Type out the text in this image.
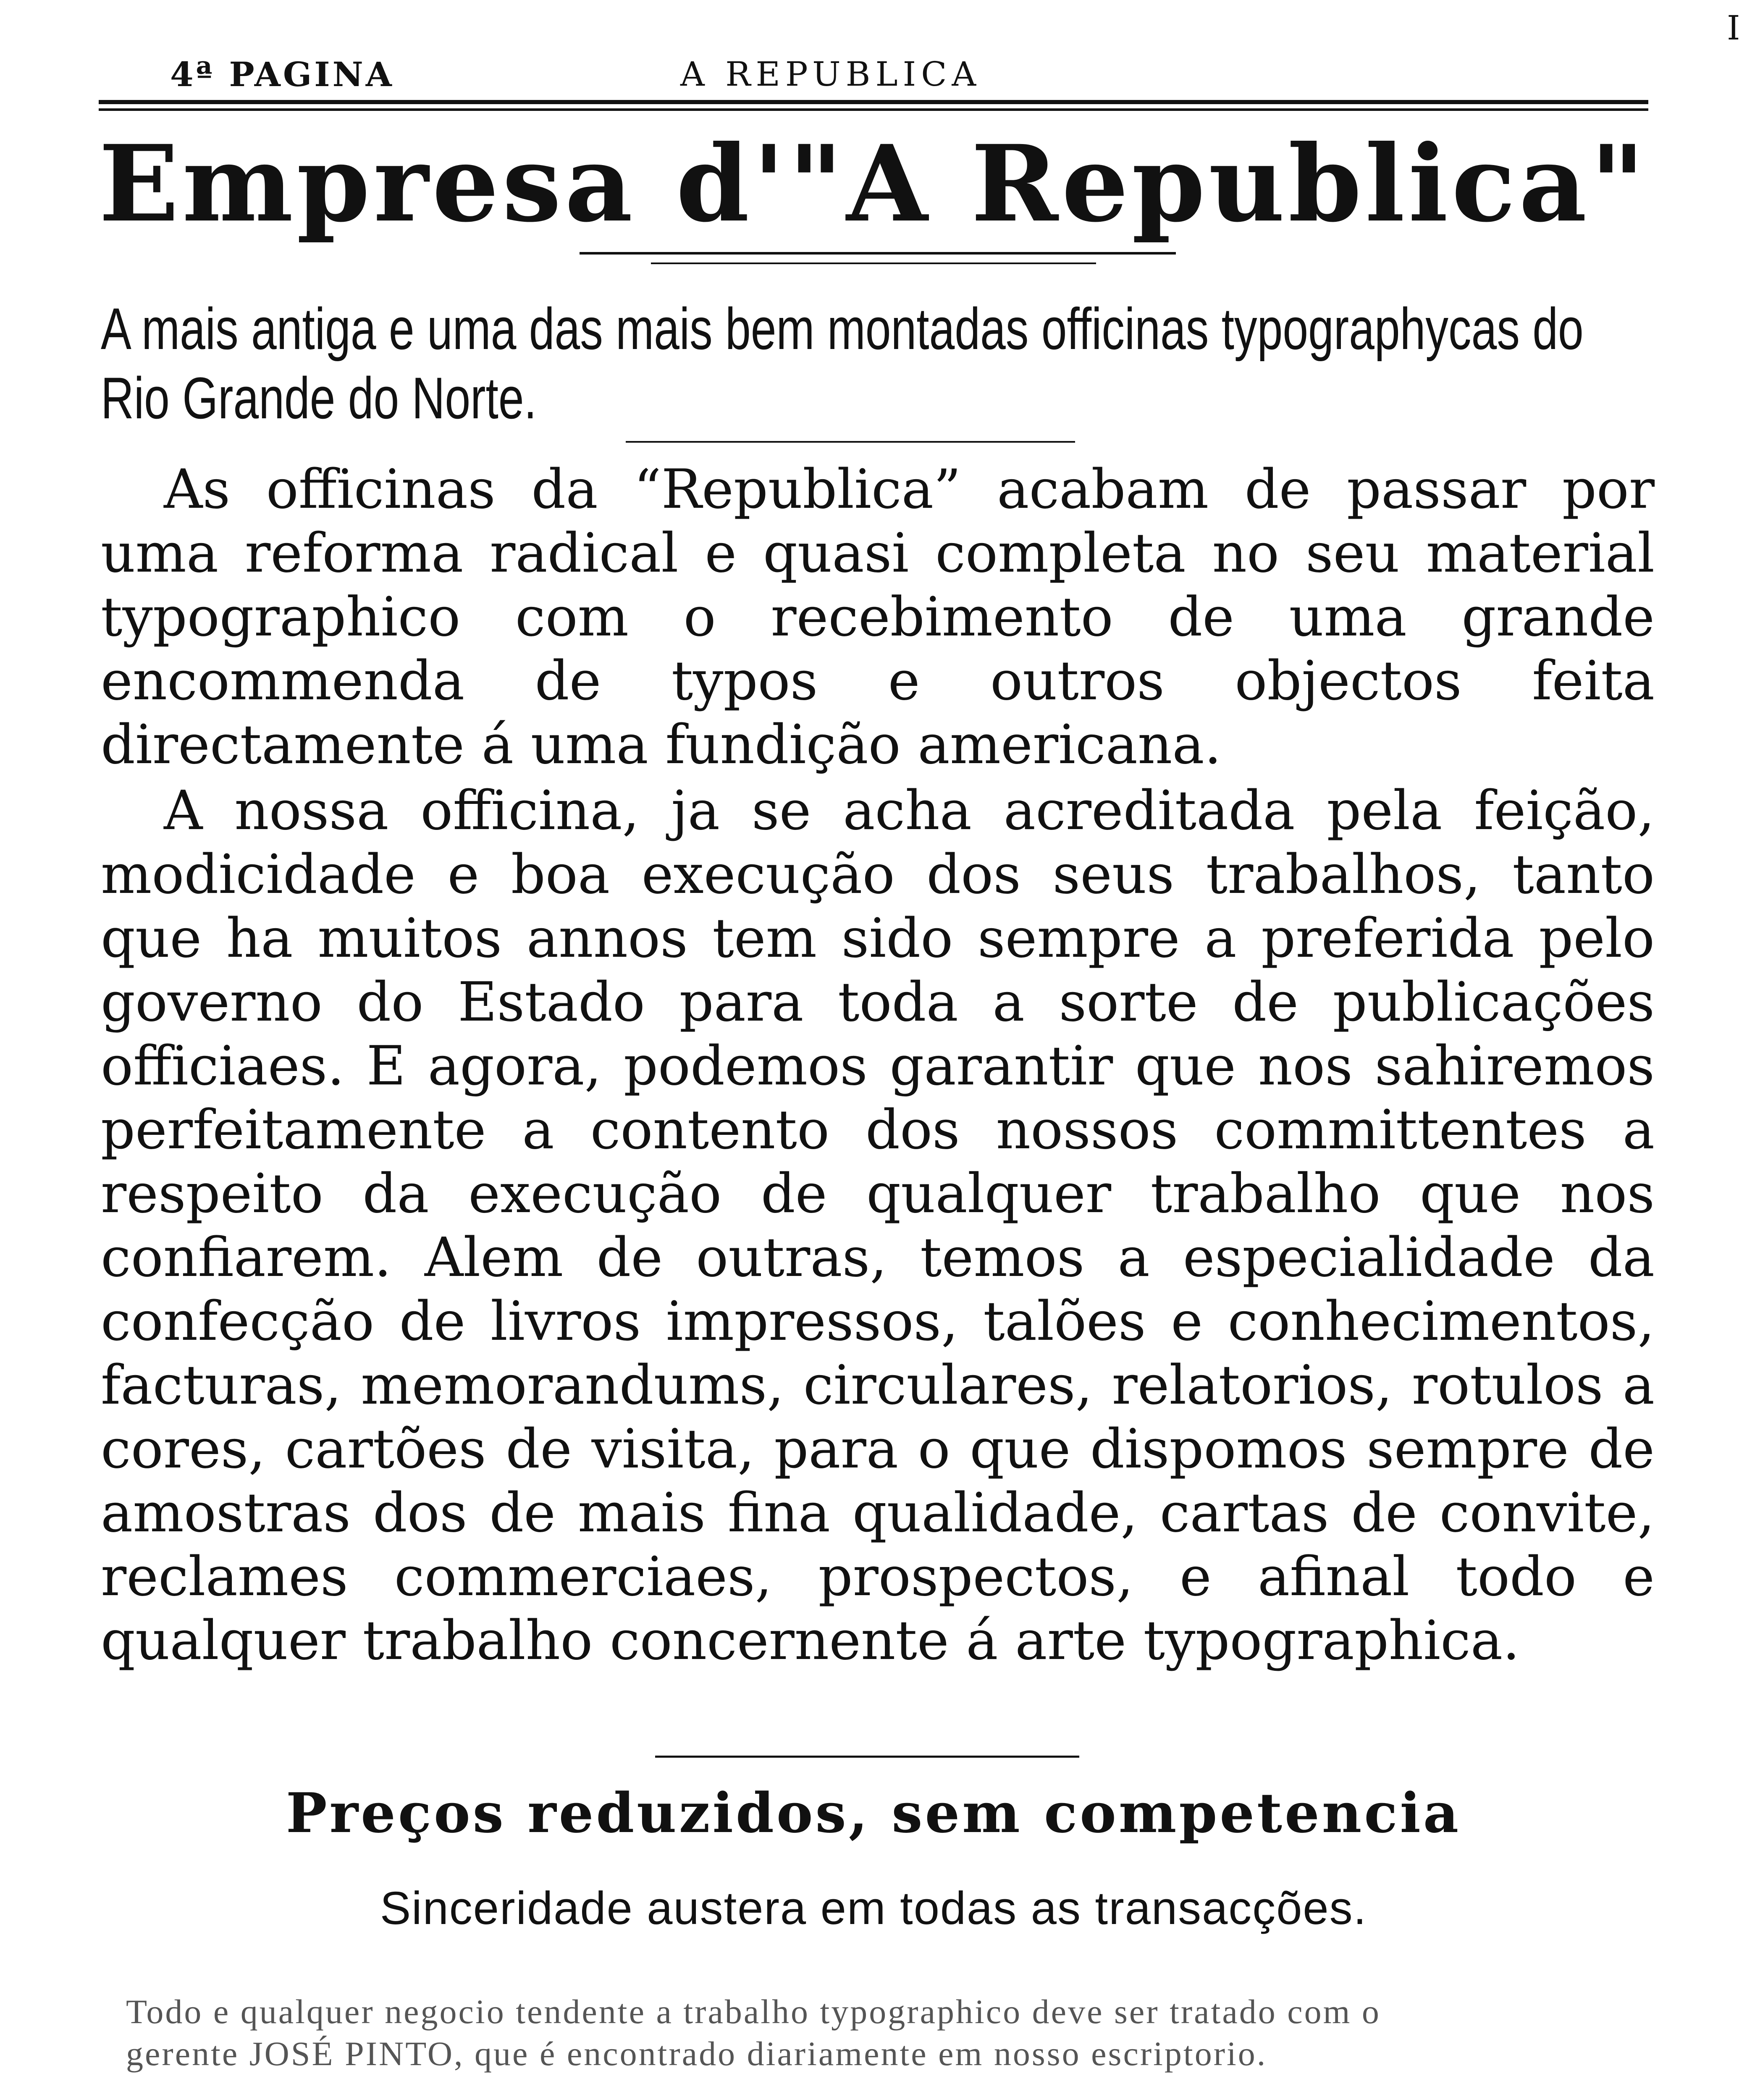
4ª PAGINA	A REPUBLICA
I
Empresa d'"A Republica"
A mais antiga e uma das mais bem montadas officinas typographycas do Rio Grande do Norte.
As officinas da “Republica” acabam de passar por uma reforma radical e quasi completa no seu material typographico com o recebimento de uma grande encommenda de typos e outros objectos feita directamente á uma fundição americana.
A nossa officina, ja se acha acreditada pela feição, modicidade e boa execução dos seus trabalhos, tanto que ha muitos annos tem sido sempre a preferida pelo governo do Estado para toda a sorte de publicações officiaes. E agora, podemos garantir que nos sahiremos perfeitamente a contento dos nossos committentes a respeito da execução de qualquer trabalho que nos confiarem. Alem de outras, temos a especialidade da confecção de livros impressos, talões e conhecimentos, facturas, memorandums, circulares, relatorios, rotulos a cores, cartões de visita, para o que dispomos sempre de amostras dos de mais fina qualidade, cartas de convite, reclames commerciaes, prospectos, e afinal todo e qualquer trabalho concernente á arte typographica.
Preços reduzidos, sem competencia
Sinceridade austera em todas as transacções.
Todo e qualquer negocio tendente a trabalho typographico deve ser tratado com o
gerente JOSÉ PINTO, que é encontrado diariamente em nosso escriptorio.
